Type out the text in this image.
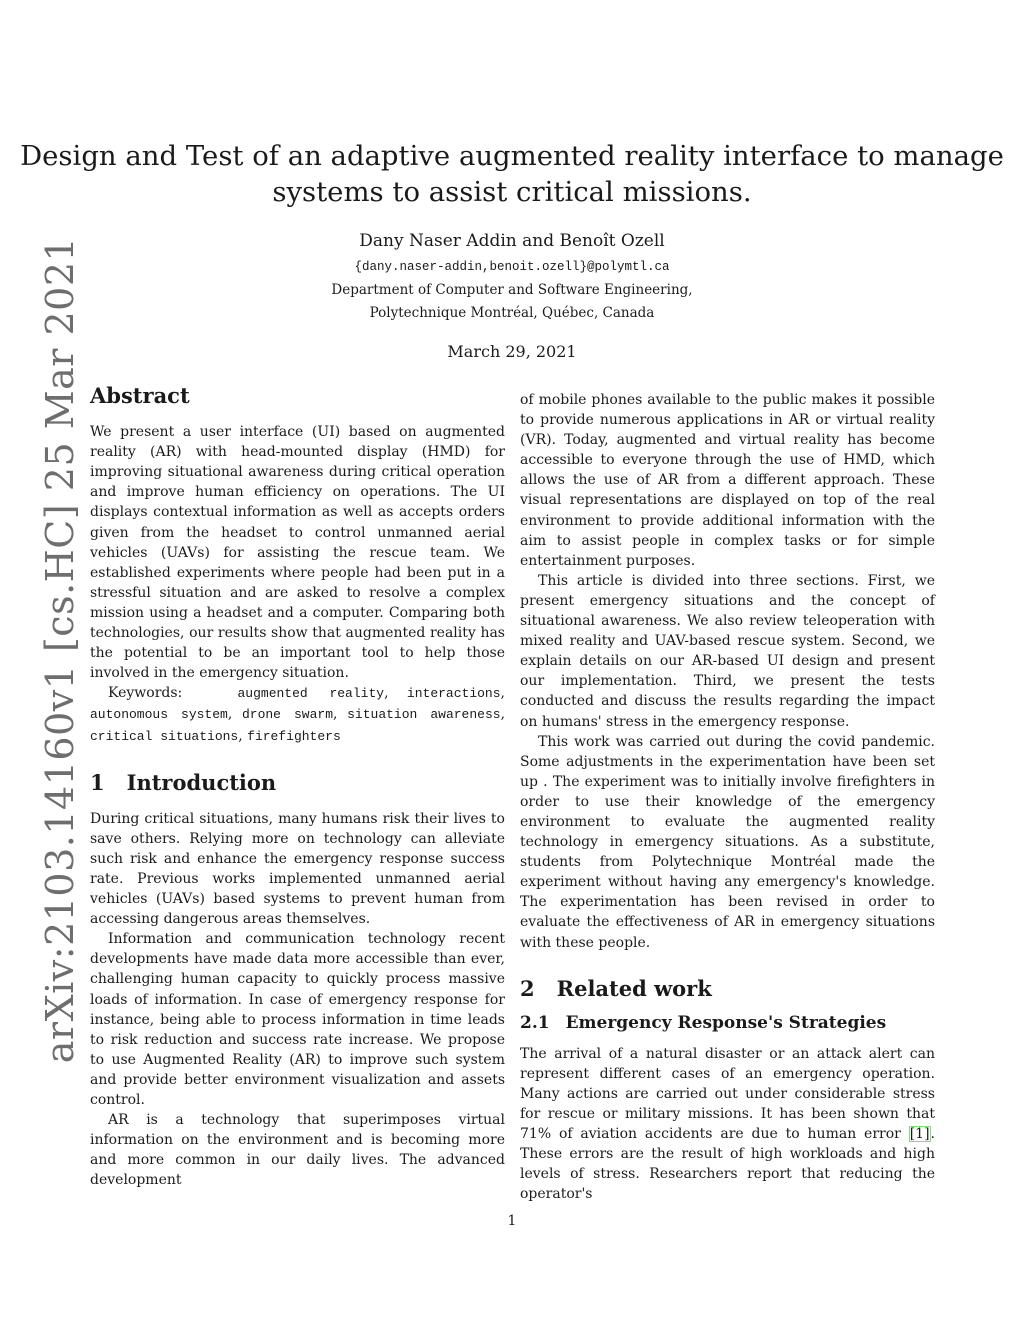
arXiv:2103.14160v1 [cs.HC] 25 Mar 2021
Design and Test of an adaptive augmented reality interface to manage systems to assist critical missions.
Dany Naser Addin and Benoît Ozell
{dany.naser-addin,benoit.ozell}@polymtl.ca
Department of Computer and Software Engineering,
Polytechnique Montréal, Québec, Canada
March 29, 2021
Abstract

We present a user interface (UI) based on augmented reality (AR) with head-mounted display (HMD) for improving situational awareness during critical operation and improve human efficiency on operations. The UI displays contextual information as well as accepts orders given from the headset to control unmanned aerial vehicles (UAVs) for assisting the rescue team. We established experiments where people had been put in a stressful situation and are asked to resolve a complex mission using a headset and a computer. Comparing both technologies, our results show that augmented reality has the potential to be an important tool to help those involved in the emergency situation.

Keywords:	augmented reality, interactions, autonomous system, drone swarm, situation awareness, critical situations, firefighters

1 Introduction

During critical situations, many humans risk their lives to save others. Relying more on technology can alleviate such risk and enhance the emergency response success rate. Previous works implemented unmanned aerial vehicles (UAVs) based systems to prevent human from accessing dangerous areas themselves.

Information and communication technology recent developments have made data more accessible than ever, challenging human capacity to quickly process massive loads of information. In case of emergency response for instance, being able to process information in time leads to risk reduction and success rate increase. We propose to use Augmented Reality (AR) to improve such system and provide better environment visualization and assets control.

AR is a technology that superimposes virtual information on the environment and is becoming more and more common in our daily lives. The advanced development

of mobile phones available to the public makes it possible to provide numerous applications in AR or virtual reality (VR). Today, augmented and virtual reality has become accessible to everyone through the use of HMD, which allows the use of AR from a different approach. These visual representations are displayed on top of the real environment to provide additional information with the aim to assist people in complex tasks or for simple entertainment purposes.

This article is divided into three sections. First, we present emergency situations and the concept of situational awareness. We also review teleoperation with mixed reality and UAV-based rescue system. Second, we explain details on our AR-based UI design and present our implementation. Third, we present the tests conducted and discuss the results regarding the impact on humans' stress in the emergency response.

This work was carried out during the covid pandemic. Some adjustments in the experimentation have been set up . The experiment was to initially involve firefighters in order to use their knowledge of the emergency environment to evaluate the augmented reality technology in emergency situations. As a substitute, students from Polytechnique Montréal made the experiment without having any emergency's knowledge. The experimentation has been revised in order to evaluate the effectiveness of AR in emergency situations with these people.

2 Related work
2.1 Emergency Response's Strategies

The arrival of a natural disaster or an attack alert can represent different cases of an emergency operation. Many actions are carried out under considerable stress for rescue or military missions. It has been shown that 71% of aviation accidents are due to human error [1]. These errors are the result of high workloads and high levels of stress. Researchers report that reducing the operator's

1
